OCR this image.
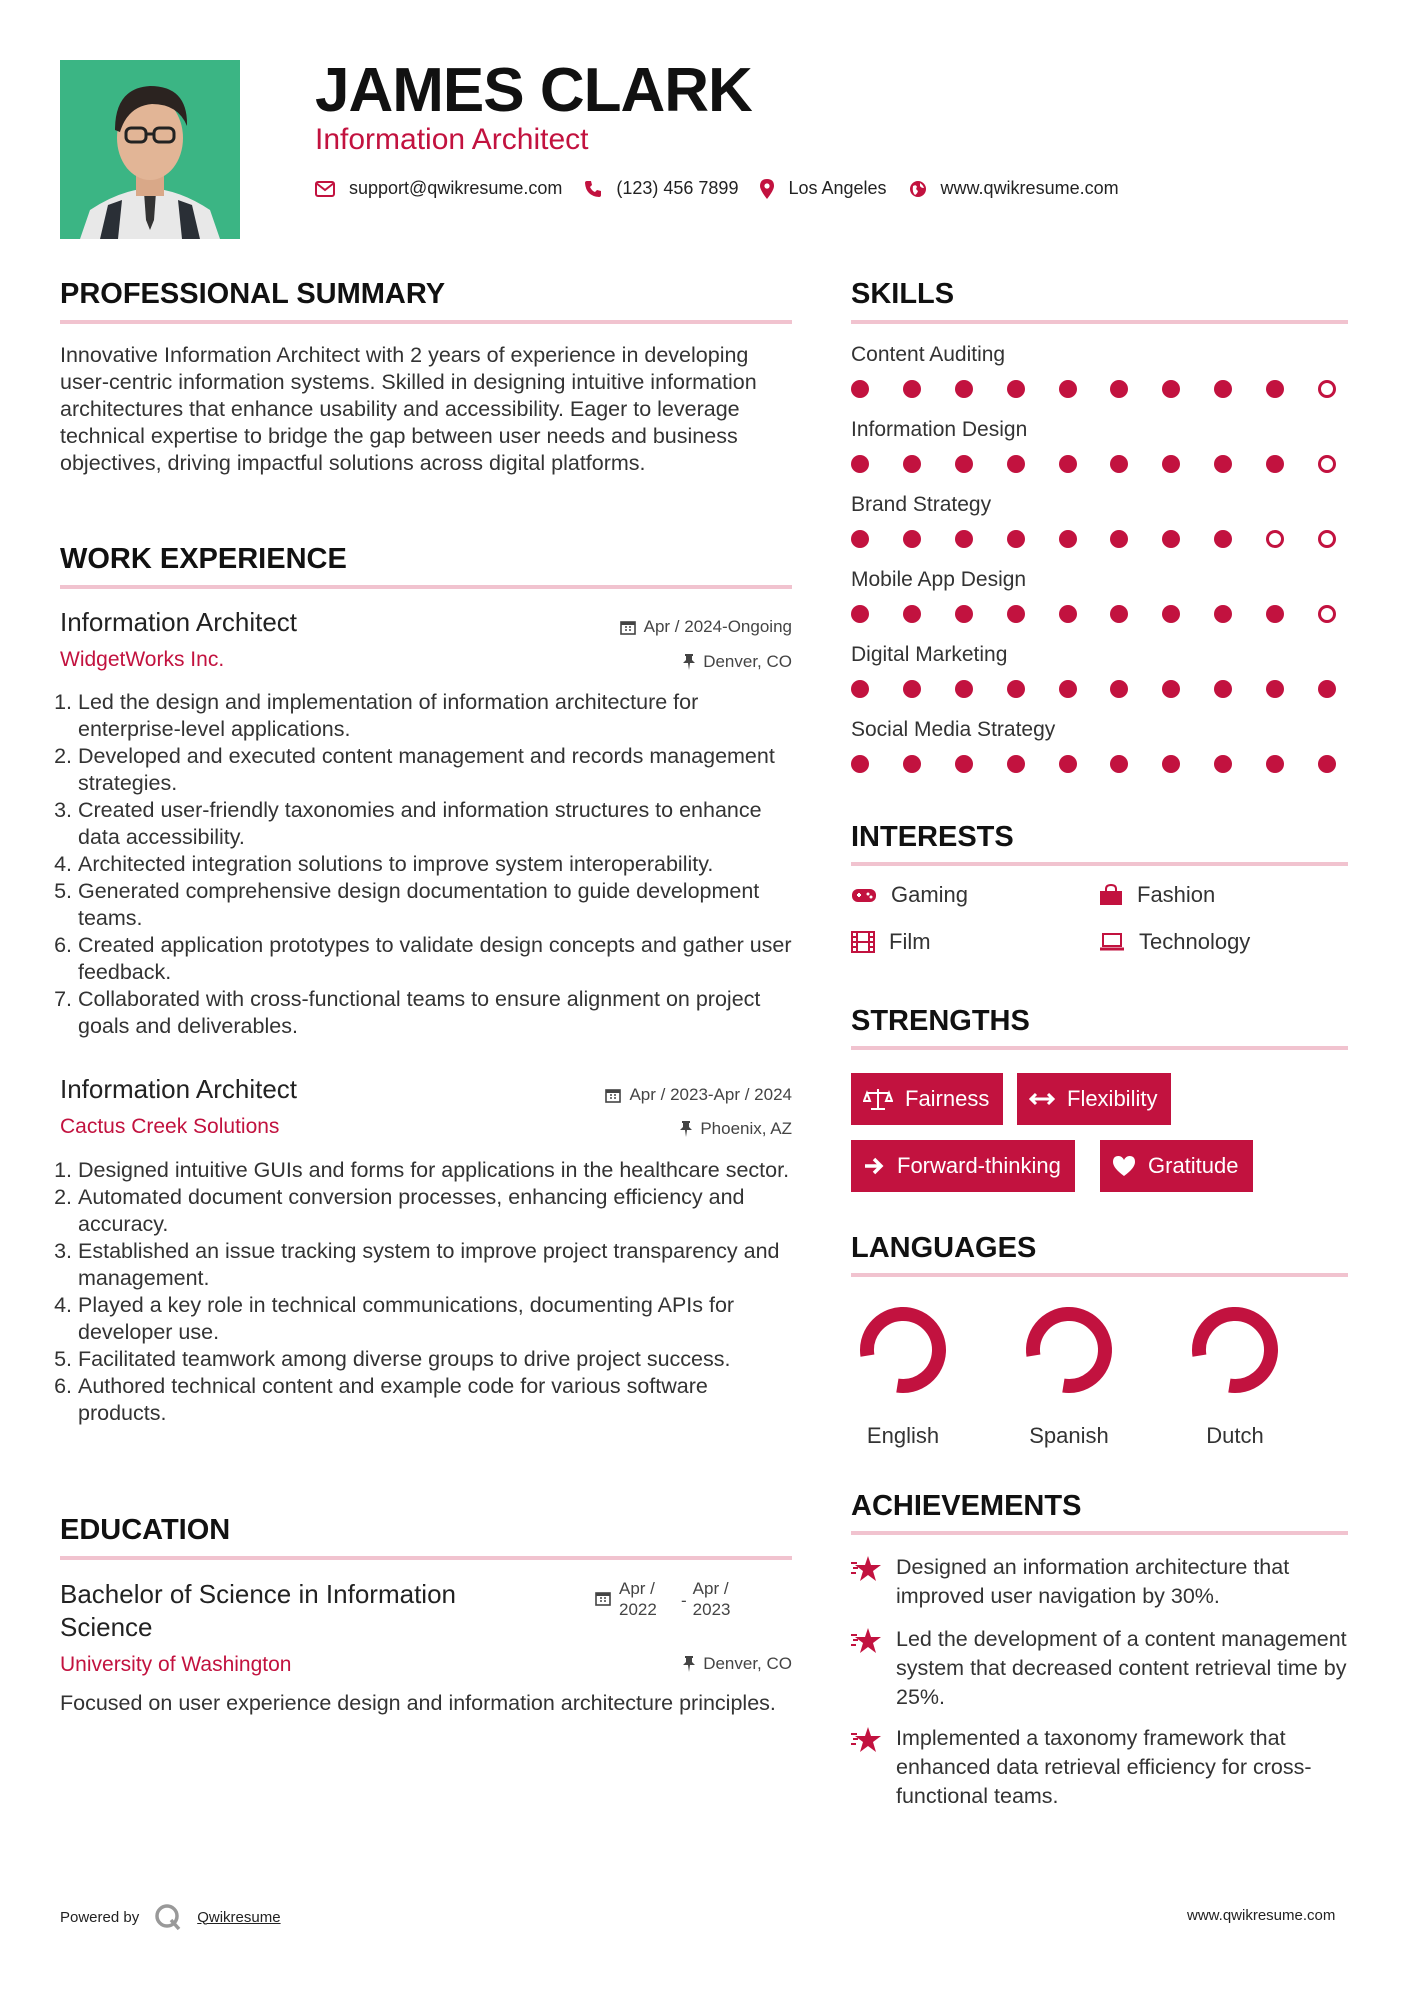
JAMES CLARK
Information Architect
support@qwikresume.com	(123) 456 7899	Los Angeles	www.qwikresume.com
PROFESSIONAL SUMMARY
Innovative Information Architect with 2 years of experience in developing user-centric information systems. Skilled in designing intuitive information architectures that enhance usability and accessibility. Eager to leverage technical expertise to bridge the gap between user needs and business objectives, driving impactful solutions across digital platforms.
WORK EXPERIENCE
Information Architect	Apr / 2024-Ongoing
WidgetWorks Inc.	Denver, CO
1. Led the design and implementation of information architecture for enterprise-level applications.
2. Developed and executed content management and records management strategies.
3. Created user-friendly taxonomies and information structures to enhance data accessibility.
4. Architected integration solutions to improve system interoperability.
5. Generated comprehensive design documentation to guide development teams.
6. Created application prototypes to validate design concepts and gather user feedback.
7. Collaborated with cross-functional teams to ensure alignment on project goals and deliverables.
Information Architect	Apr / 2023-Apr / 2024
Cactus Creek Solutions	Phoenix, AZ
1. Designed intuitive GUIs and forms for applications in the healthcare sector.
2. Automated document conversion processes, enhancing efficiency and accuracy.
3. Established an issue tracking system to improve project transparency and management.
4. Played a key role in technical communications, documenting APIs for developer use.
5. Facilitated teamwork among diverse groups to drive project success.
6. Authored technical content and example code for various software products.
EDUCATION
Bachelor of Science in Information Science
Apr / 2022	-
Apr / 2023
University of Washington	Denver, CO
Focused on user experience design and information architecture principles.
SKILLS
Content Auditing
Information Design
Brand Strategy
Mobile App Design
Digital Marketing
Social Media Strategy
INTERESTS
Gaming	Fashion
Film	Technology
STRENGTHS
Fairness	Flexibility
Forward-thinking	Gratitude
LANGUAGES
English	Spanish	Dutch
ACHIEVEMENTS
Designed an information architecture that improved user navigation by 30%.
Led the development of a content management system that decreased content retrieval time by 25%.
Implemented a taxonomy framework that enhanced data retrieval efficiency for cross-functional teams.
Powered by	Qwikresume	www.qwikresume.com
